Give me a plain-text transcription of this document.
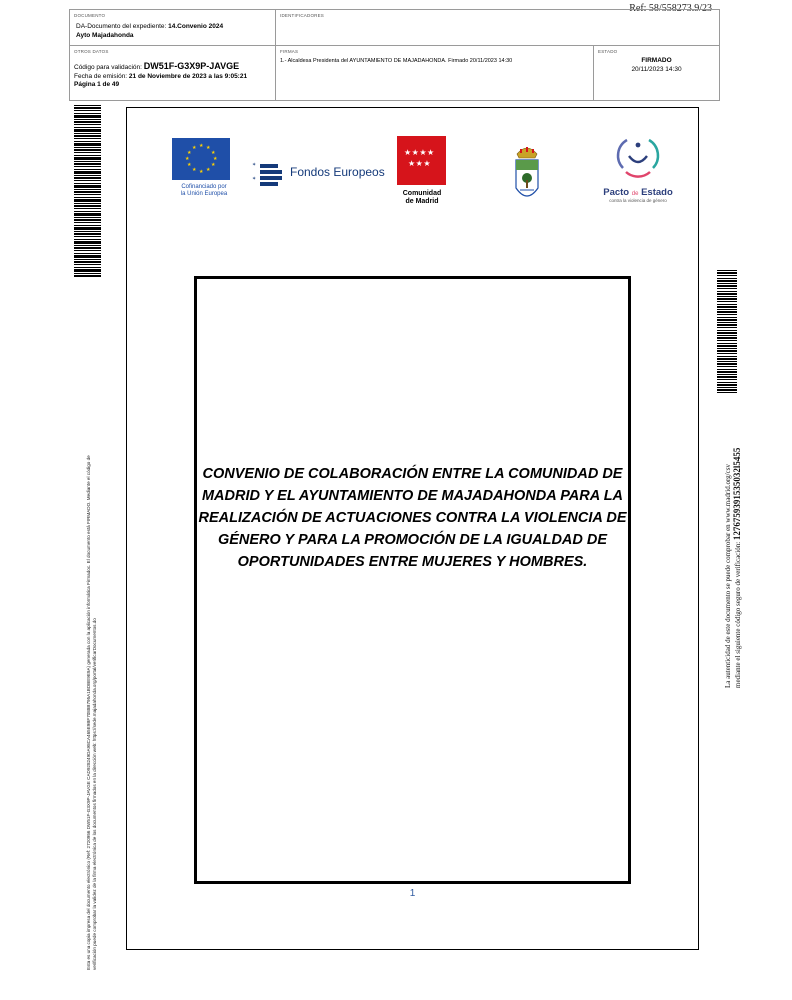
Ref: 58/558273.9/23
DOCUMENTO
DA-Documento del expediente: 14.Convenio 2024
Ayto Majadahonda
IDENTIFICADORES
OTROS DATOS
Código para validación: DW51F-G3X9P-JAVGE
Fecha de emisión: 21 de Noviembre de 2023 a las 9:05:21
Página 1 de 49
FIRMAS
1.- Alcaldesa Presidenta del AYUNTAMIENTO DE MAJADAHONDA. Firmado 20/11/2023 14:30
ESTADO
FIRMADO
20/11/2023 14:30
Esta es una copia impresa del documento electrónico (Ref: 2720956 DW51F-G3X9P-JAVGE CAD928249DA98CA465E9BF7088B795A1BDBE9E9A) generada con la aplicación informática Firmadoc. El documento está FIRMADO. Mediante el código de verificación puede comprobar la validez de la firma electrónica de los documentos firmados en la dirección web: https://sede.majadahonda.org/portal/verificarDocumentos.do
La autenticidad de este documento se puede comprobar en www.madrid.org/csv mediante el siguiente código seguro de verificación: 1276759391535032l5455
★ ★
★
★
★
★
★
★
★
★
★
★
Cofinanciado por
la Unión Europea
✶
✶	Fondos Europeos
★★★★
★★★
Comunidad
de Madrid
Pacto de Estado
contra la violencia de género
CONVENIO DE COLABORACIÓN ENTRE LA COMUNIDAD DE MADRID Y EL AYUNTAMIENTO DE MAJADAHONDA PARA LA REALIZACIÓN DE ACTUACIONES CONTRA LA VIOLENCIA DE GÉNERO Y PARA LA PROMOCIÓN DE LA IGUALDAD DE OPORTUNIDADES ENTRE MUJERES Y HOMBRES.
1
